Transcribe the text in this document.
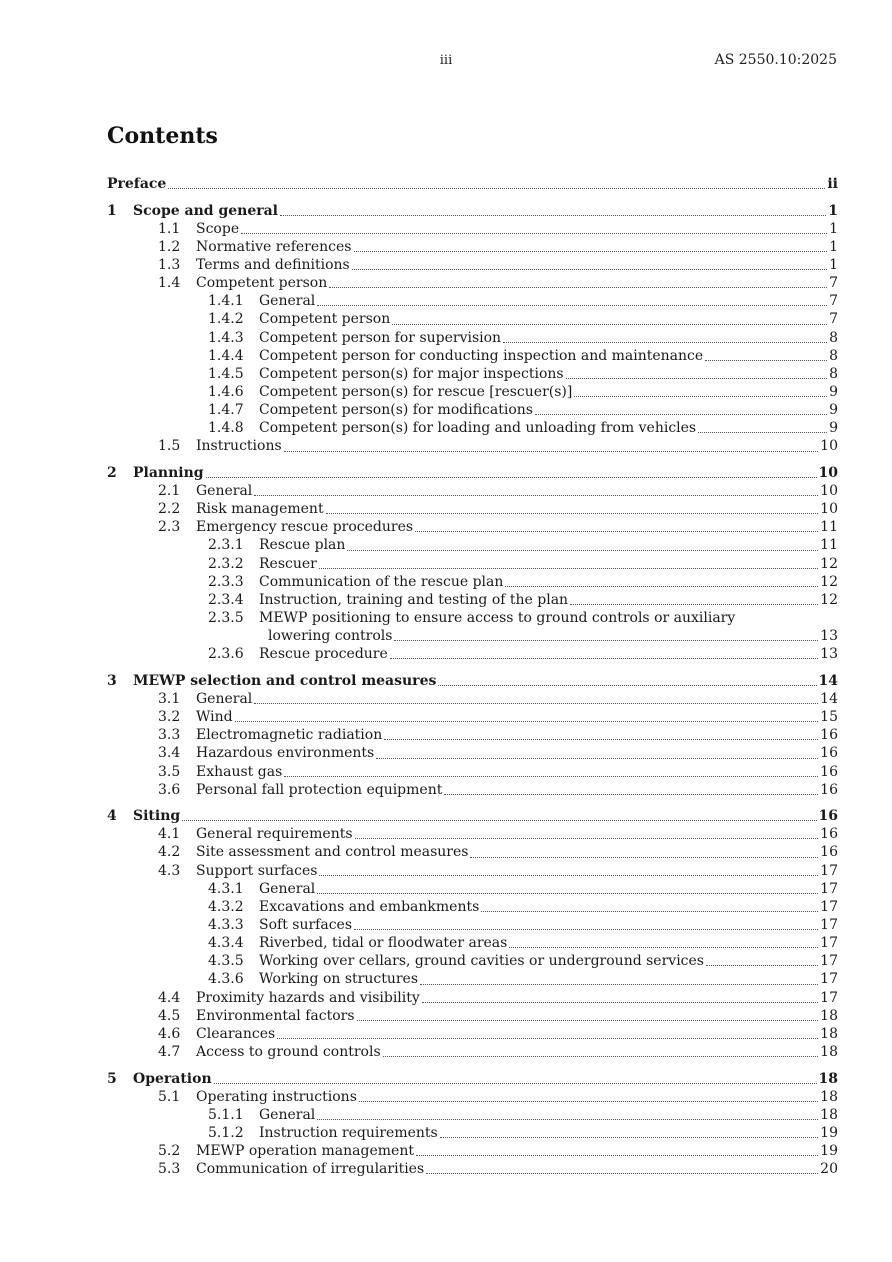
iii	AS 2550.10:2025
Contents
Preface	ii
1	Scope and general	1
1.1	Scope	1
1.2	Normative references	1
1.3	Terms and definitions	1
1.4	Competent person	7
1.4.1	General	7
1.4.2	Competent person	7
1.4.3	Competent person for supervision	8
1.4.4	Competent person for conducting inspection and maintenance	8
1.4.5	Competent person(s) for major inspections	8
1.4.6	Competent person(s) for rescue [rescuer(s)]	9
1.4.7	Competent person(s) for modifications	9
1.4.8	Competent person(s) for loading and unloading from vehicles	9
1.5	Instructions	10
2	Planning	10
2.1	General	10
2.2	Risk management	10
2.3	Emergency rescue procedures	11
2.3.1	Rescue plan	11
2.3.2	Rescuer	12
2.3.3	Communication of the rescue plan	12
2.3.4	Instruction, training and testing of the plan	12
2.3.5	MEWP positioning to ensure access to ground controls or auxiliary
lowering controls	13
2.3.6	Rescue procedure	13
3	MEWP selection and control measures	14
3.1	General	14
3.2	Wind	15
3.3	Electromagnetic radiation	16
3.4	Hazardous environments	16
3.5	Exhaust gas	16
3.6	Personal fall protection equipment	16
4	Siting	16
4.1	General requirements	16
4.2	Site assessment and control measures	16
4.3	Support surfaces	17
4.3.1	General	17
4.3.2	Excavations and embankments	17
4.3.3	Soft surfaces	17
4.3.4	Riverbed, tidal or floodwater areas	17
4.3.5	Working over cellars, ground cavities or underground services	17
4.3.6	Working on structures	17
4.4	Proximity hazards and visibility	17
4.5	Environmental factors	18
4.6	Clearances	18
4.7	Access to ground controls	18
5	Operation	18
5.1	Operating instructions	18
5.1.1	General	18
5.1.2	Instruction requirements	19
5.2	MEWP operation management	19
5.3	Communication of irregularities	20
